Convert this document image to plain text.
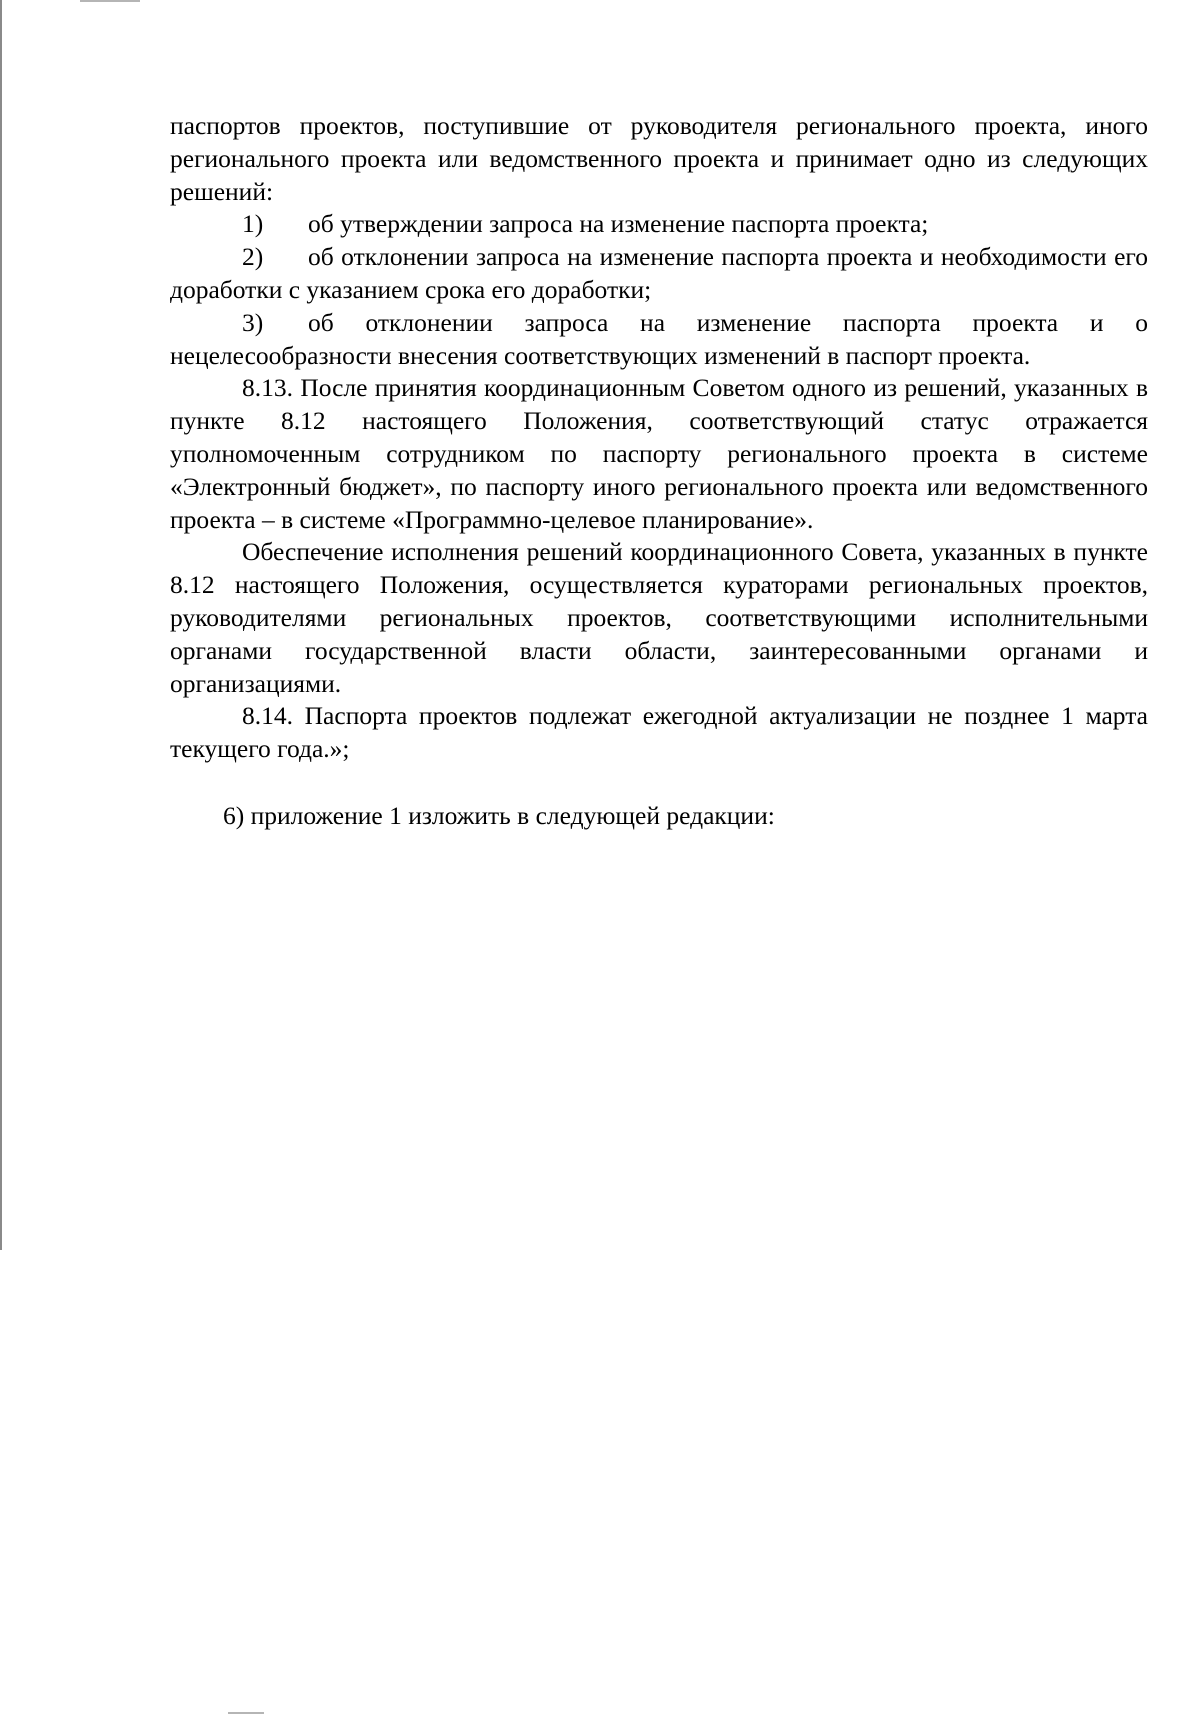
паспортов проектов, поступившие от руководителя регионального проекта, иного регионального проекта или ведомственного проекта и принимает одно из следующих решений:

1) об утверждении запроса на изменение паспорта проекта;

2) об отклонении запроса на изменение паспорта проекта и необходимости его доработки с указанием срока его доработки;

3) об отклонении запроса на изменение паспорта проекта и о нецелесообразности внесения соответствующих изменений в паспорт проекта.

8.13. После принятия координационным Советом одного из решений, указанных в пункте 8.12 настоящего Положения, соответствующий статус отражается уполномоченным сотрудником по паспорту регионального проекта в системе «Электронный бюджет», по паспорту иного регионального проекта или ведомственного проекта – в системе «Программно-целевое планирование».

Обеспечение исполнения решений координационного Совета, указанных в пункте 8.12 настоящего Положения, осуществляется кураторами региональных проектов, руководителями региональных проектов, соответствующими исполнительными органами государственной власти области, заинтересованными органами и организациями.

8.14. Паспорта проектов подлежат ежегодной актуализации не позднее 1 марта текущего года.»;

6) приложение 1 изложить в следующей редакции:
